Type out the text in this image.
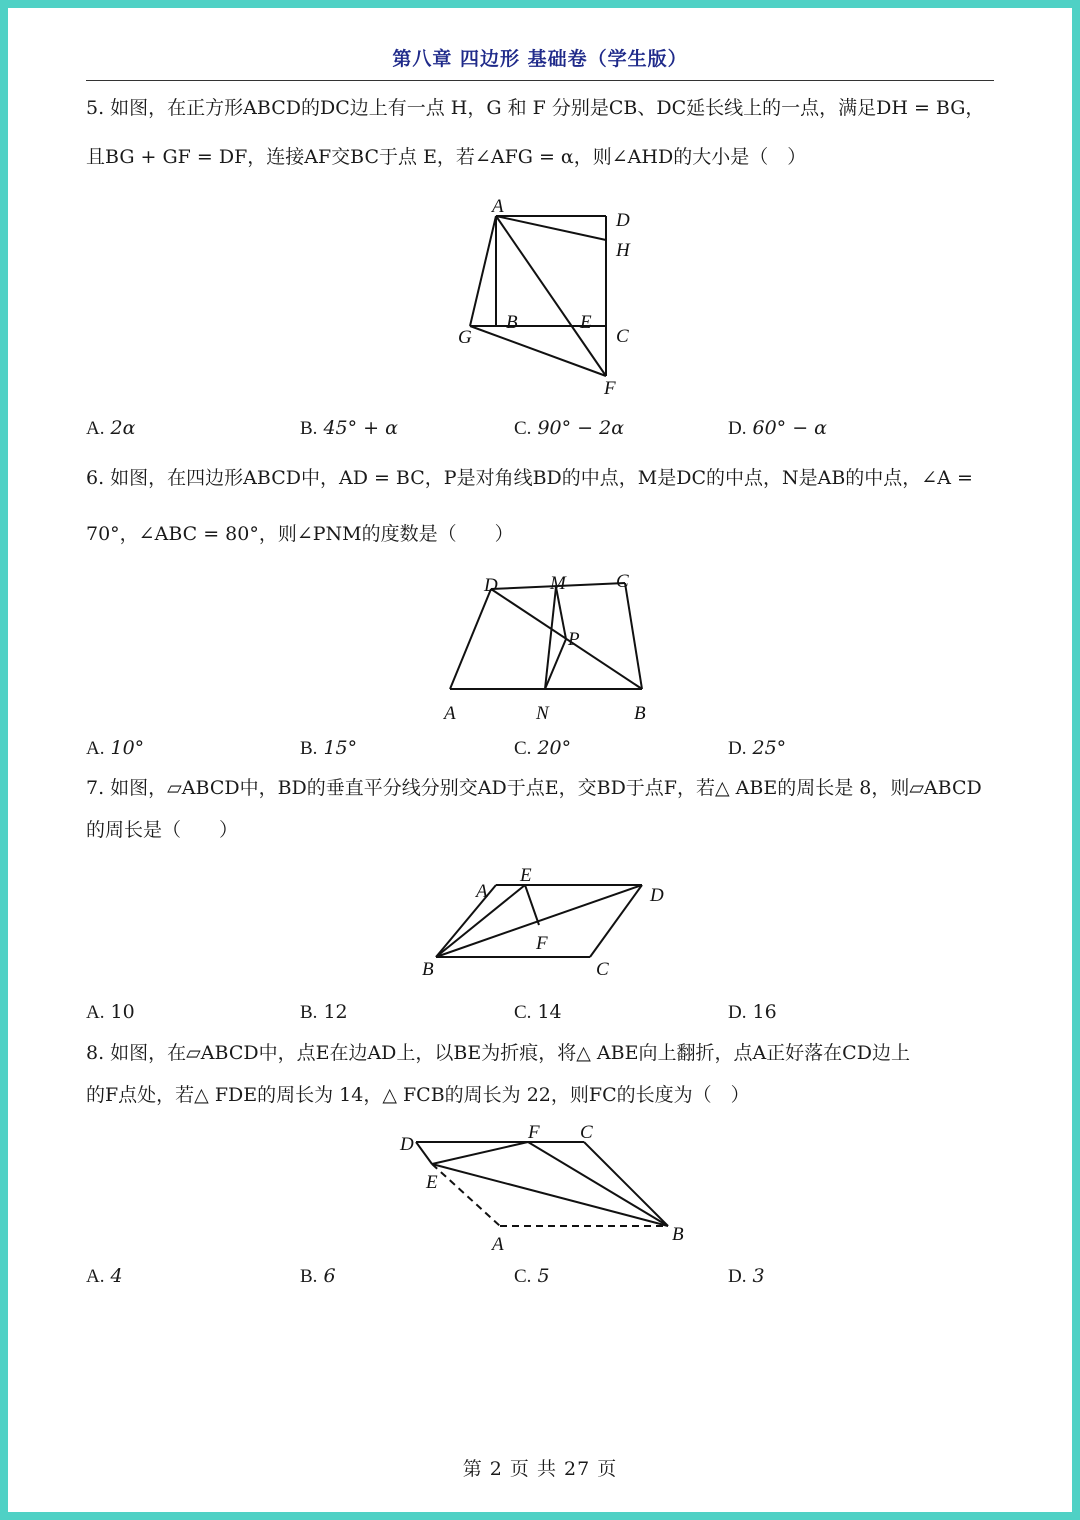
第八章 四边形 基础卷（学生版）
5. 如图，在正方形ABCD的DC边上有一点 H，G 和 F 分别是CB、DC延长线上的一点，满足DH = BG，
且BG + GF = DF，连接AF交BC于点 E，若∠AFG = α，则∠AHD的大小是（　）
A
D
H
G
B	E
C
F
A. 2α	B. 45° + α	C. 90° − 2α	D. 60° − α
6. 如图，在四边形ABCD中，AD = BC，P是对角线BD的中点，M是DC的中点，N是AB的中点，∠A =
70°，∠ABC = 80°，则∠PNM的度数是（　　）
D	M	C
P
A	N	B
A. 10°	B. 15°	C. 20°	D. 25°
7. 如图，▱ABCD中，BD的垂直平分线分别交AD于点E，交BD于点F，若△ ABE的周长是 8，则▱ABCD
的周长是（　　）
A
E
D
F
B	C
A. 10	B. 12	C. 14	D. 16
8. 如图，在▱ABCD中，点E在边AD上，以BE为折痕，将△ ABE向上翻折，点A正好落在CD边上
的F点处，若△ FDE的周长为 14，△ FCB的周长为 22，则FC的长度为（　）
D
F C
E
A	B
A. 4	B. 6	C. 5	D. 3
第 2 页 共 27 页
